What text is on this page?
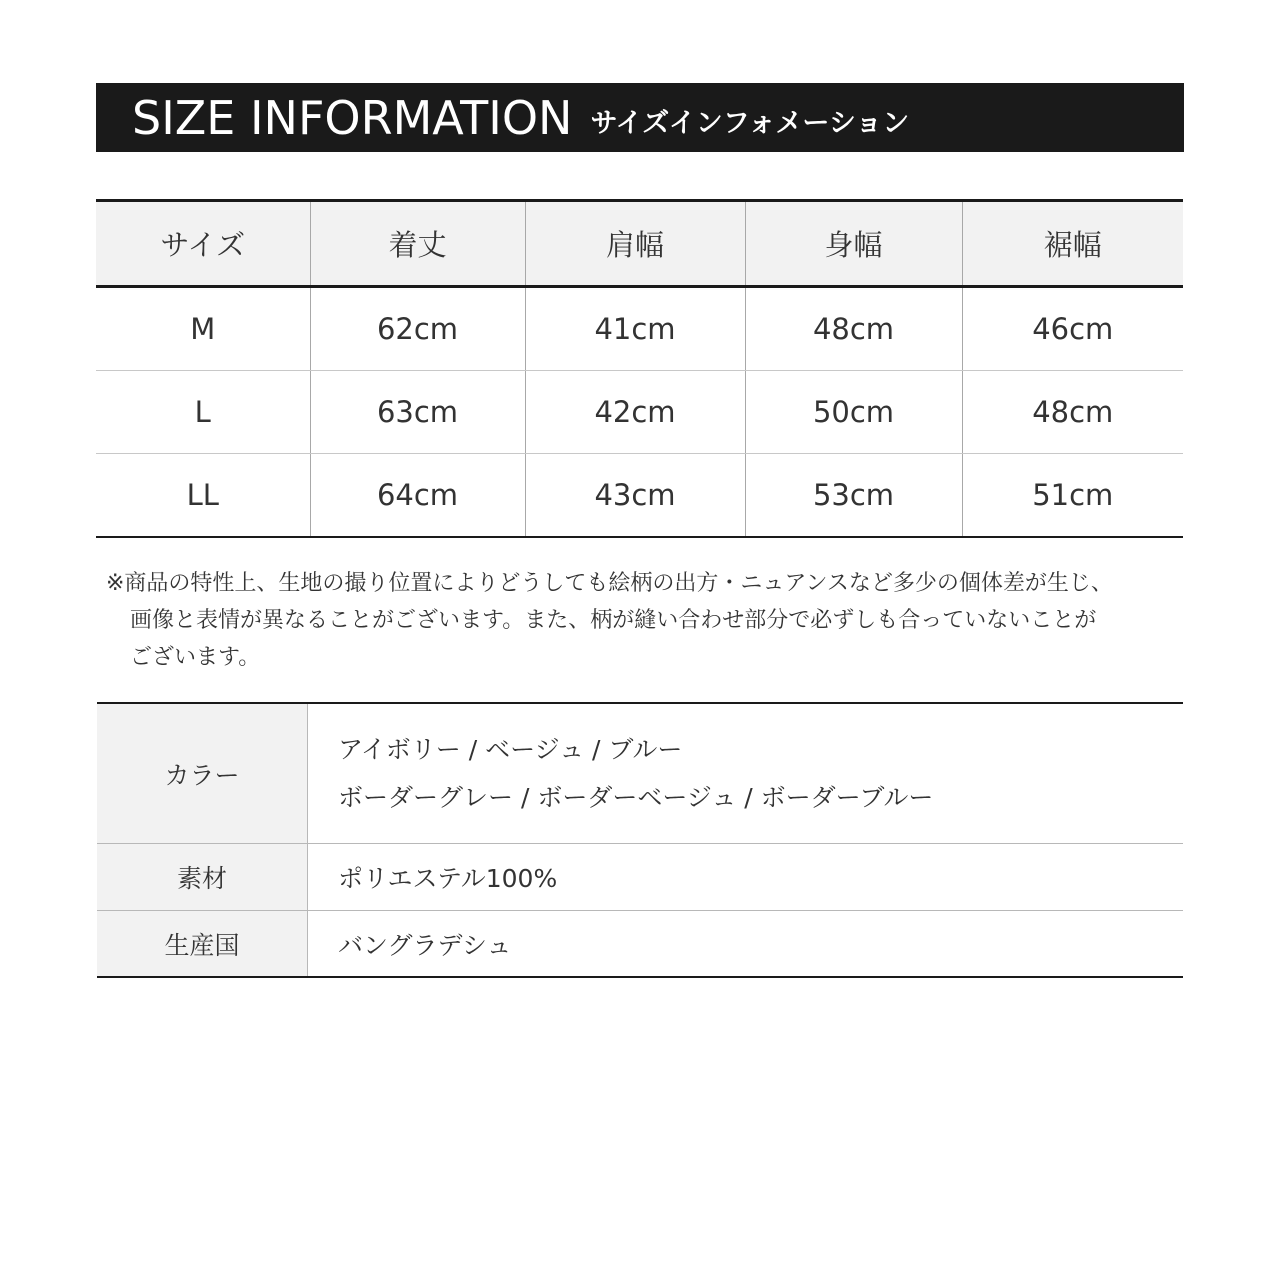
SIZE INFORMATION サイズインフォメーション
サイズ	着丈	肩幅	身幅	裾幅
M	62cm	41cm	48cm	46cm
L	63cm	42cm	50cm	48cm
LL	64cm	43cm	53cm	51cm
※商品の特性上、生地の撮り位置によりどうしても絵柄の出方・ニュアンスなど多少の個体差が生じ、
画像と表情が異なることがございます。また、柄が縫い合わせ部分で必ずしも合っていないことが
ございます。
カラー	アイボリー / ベージュ / ブルー
ボーダーグレー / ボーダーベージュ / ボーダーブルー

素材	ポリエステル100%
生産国	バングラデシュ
